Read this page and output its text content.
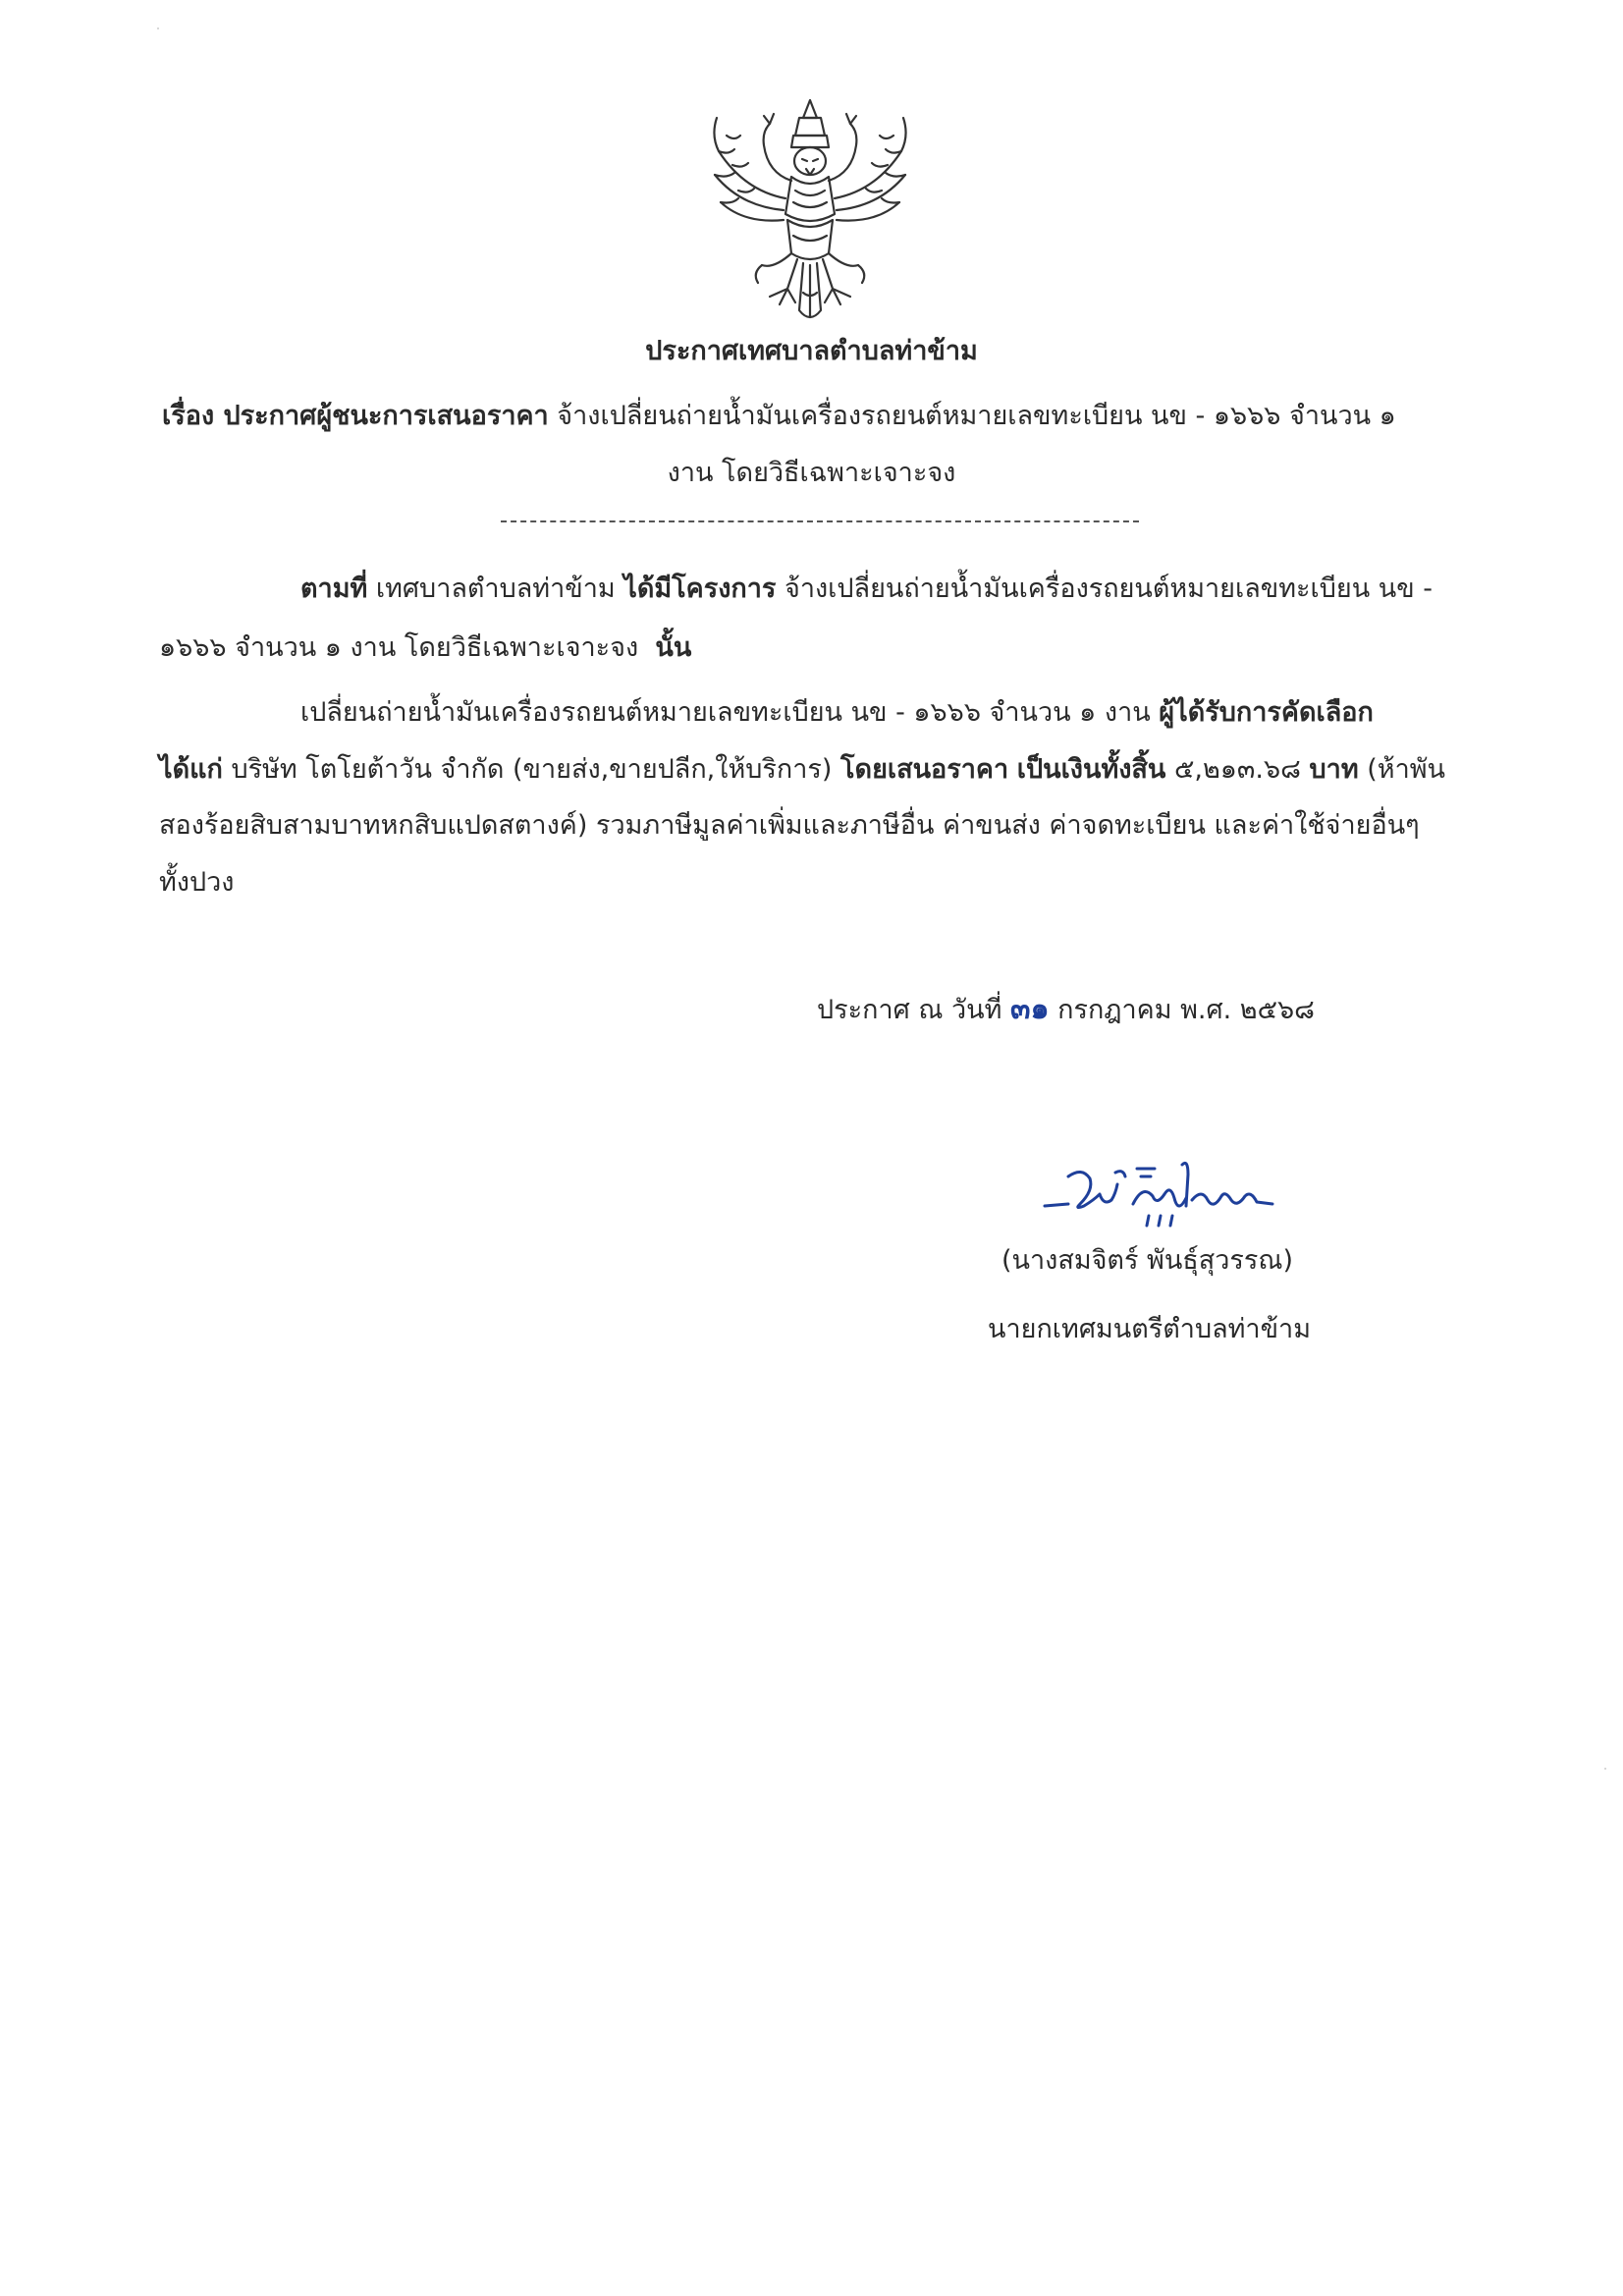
ประกาศเทศบาลตำบลท่าข้าม
เรื่อง ประกาศผู้ชนะการเสนอราคา จ้างเปลี่ยนถ่ายน้ำมันเครื่องรถยนต์หมายเลขทะเบียน นข - ๑๖๖๖ จำนวน ๑
งาน โดยวิธีเฉพาะเจาะจง
ตามที่ เทศบาลตำบลท่าข้าม ได้มีโครงการ จ้างเปลี่ยนถ่ายน้ำมันเครื่องรถยนต์หมายเลขทะเบียน นข -
๑๖๖๖ จำนวน ๑ งาน โดยวิธีเฉพาะเจาะจง นั้น
เปลี่ยนถ่ายน้ำมันเครื่องรถยนต์หมายเลขทะเบียน นข - ๑๖๖๖ จำนวน ๑ งาน ผู้ได้รับการคัดเลือก
ได้แก่ บริษัท โตโยต้าวัน จำกัด (ขายส่ง,ขายปลีก,ให้บริการ) โดยเสนอราคา เป็นเงินทั้งสิ้น ๕,๒๑๓.๖๘ บาท (ห้าพัน
สองร้อยสิบสามบาทหกสิบแปดสตางค์) รวมภาษีมูลค่าเพิ่มและภาษีอื่น ค่าขนส่ง ค่าจดทะเบียน และค่าใช้จ่ายอื่นๆ
ทั้งปวง
ประกาศ ณ วันที่ ๓๑ กรกฎาคม พ.ศ. ๒๕๖๘
(นางสมจิตร์ พันธุ์สุวรรณ)
นายกเทศมนตรีตำบลท่าข้าม
